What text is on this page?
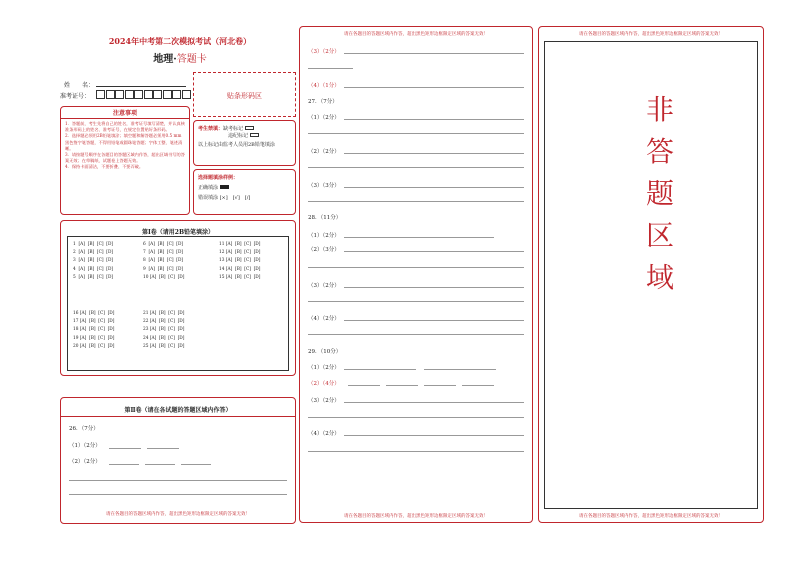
2024年中考第二次模拟考试（河北卷）
地理·答题卡
姓　　名：
准考证号：	贴条形码区
注意事项
1．答题前，考生先将自己的姓名，准考证号填写清楚，并认真核准条形码上的姓名、准考证号，在规定位置贴好条形码。
2．选择题必须用2B铅笔填涂；填空题和解答题必须用0.5 mm黑色签字笔答题，不得用铅笔或圆珠笔答题；字体工整、笔迹清晰。
3．请按题号顺序在各题目的答题区域内作答，超出区域书写的答案无效；在草稿纸、试题卷上答题无效。
4．保持卡面清洁，不要折叠、不要弄破。
考生禁填：缺考标记
违纪标记
以上标记由监考人员用2B铅笔填涂
选择题填涂样例：
正确填涂
错误填涂 [×]　[√]　[/]
第Ⅰ卷（请用2B铅笔填涂）
1  [A]  [B]  [C]  [D]
2  [A]  [B]  [C]  [D]
3  [A]  [B]  [C]  [D]
4  [A]  [B]  [C]  [D]
5  [A]  [B]  [C]  [D]
6  [A]  [B]  [C]  [D]
7  [A]  [B]  [C]  [D]
8  [A]  [B]  [C]  [D]
9  [A]  [B]  [C]  [D]
10 [A]  [B]  [C]  [D]
11 [A]  [B]  [C]  [D]
12 [A]  [B]  [C]  [D]
13 [A]  [B]  [C]  [D]
14 [A]  [B]  [C]  [D]
15 [A]  [B]  [C]  [D]
16 [A]  [B]  [C]  [D]
17 [A]  [B]  [C]  [D]
18 [A]  [B]  [C]  [D]
19 [A]  [B]  [C]  [D]
20 [A]  [B]  [C]  [D]
21 [A]  [B]  [C]  [D]
22 [A]  [B]  [C]  [D]
23 [A]  [B]  [C]  [D]
24 [A]  [B]  [C]  [D]
25 [A]  [B]  [C]  [D]
第Ⅱ卷（请在各试题的答题区域内作答）
26．（7分）
（1）（2分）
（2）（2分）
请在各题目的答题区域内作答，超出黑色矩形边框限定区域的答案无效！
请在各题目的答题区域内作答，超出黑色矩形边框限定区域的答案无效！
（3）（2分）
（4）（1分）
27．（7分）
（1）（2分）
（2）（2分）
（3）（3分）
28．（11分）
（1）（2分）
（2）（3分）
（3）（2分）
（4）（2分）
29．（10分）
（1）（2分）
（2）（4分）
（3）（2分）
（4）（2分）
请在各题目的答题区域内作答，超出黑色矩形边框限定区域的答案无效！
请在各题目的答题区域内作答，超出黑色矩形边框限定区域的答案无效！
请在各题目的答题区域内作答，超出黑色矩形边框限定区域的答案无效！
非
答
题
区
域
